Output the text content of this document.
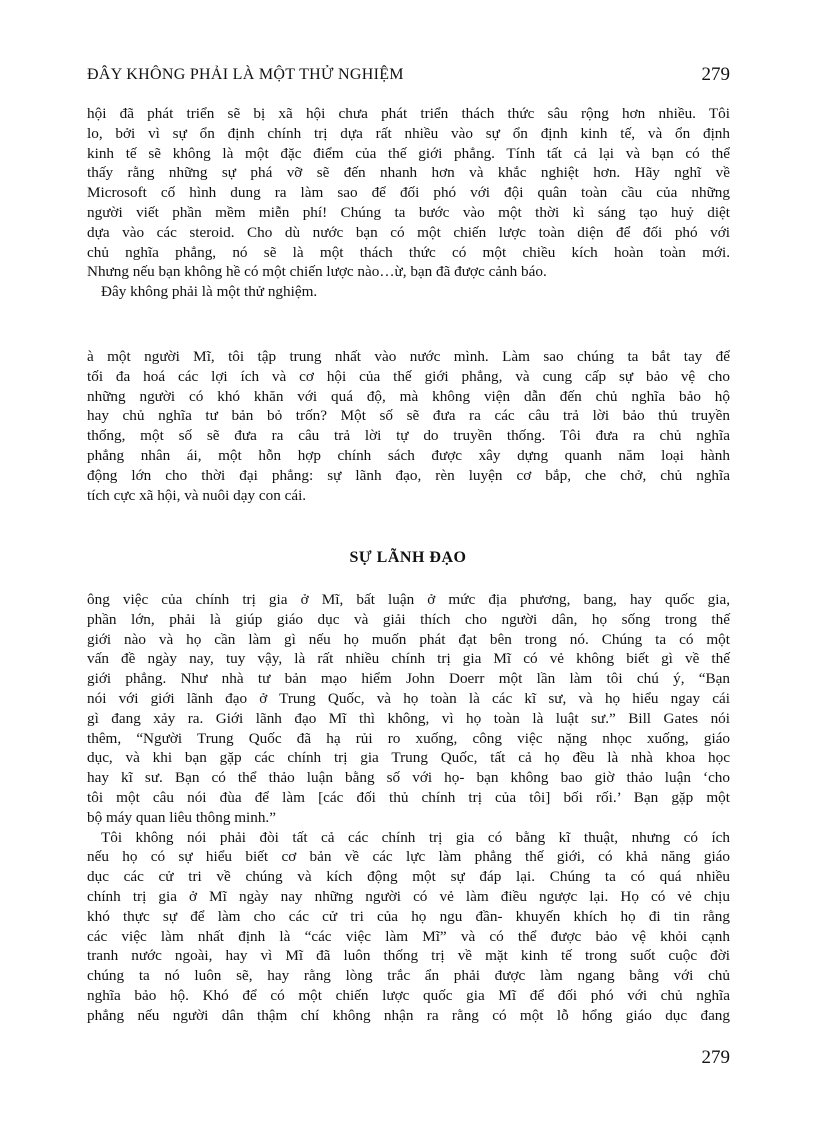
ĐÂY KHÔNG PHẢI LÀ MỘT THỬ NGHIỆM	279
hội đã phát triển sẽ bị xã hội chưa phát triển thách thức sâu rộng hơn nhiều. Tôi
lo, bởi vì sự ổn định chính trị dựa rất nhiều vào sự ổn định kinh tế, và ổn định
kinh tế sẽ không là một đặc điểm của thế giới phẳng. Tính tất cả lại và bạn có thể
thấy rằng những sự phá vỡ sẽ đến nhanh hơn và khắc nghiệt hơn. Hãy nghĩ về
Microsoft cố hình dung ra làm sao để đối phó với đội quân toàn cầu của những
người viết phần mềm miễn phí! Chúng ta bước vào một thời kì sáng tạo huỷ diệt
dựa vào các steroid. Cho dù nước bạn có một chiến lược toàn diện để đối phó với
chủ nghĩa phẳng, nó sẽ là một thách thức có một chiều kích hoàn toàn mới.
Nhưng nếu bạn không hề có một chiến lược nào…ừ, bạn đã được cảnh báo.
Đây không phải là một thử nghiệm.
à một người Mĩ, tôi tập trung nhất vào nước mình. Làm sao chúng ta bắt tay để
tối đa hoá các lợi ích và cơ hội của thế giới phẳng, và cung cấp sự bảo vệ cho
những người có khó khăn với quá độ, mà không viện dẫn đến chủ nghĩa bảo hộ
hay chủ nghĩa tư bản bỏ trốn? Một số sẽ đưa ra các câu trả lời bảo thủ truyền
thống, một số sẽ đưa ra câu trả lời tự do truyền thống. Tôi đưa ra chủ nghĩa
phẳng nhân ái, một hỗn hợp chính sách được xây dựng quanh năm loại hành
động lớn cho thời đại phẳng: sự lãnh đạo, rèn luyện cơ bắp, che chở, chủ nghĩa
tích cực xã hội, và nuôi dạy con cái.
SỰ LÃNH ĐẠO
ông việc của chính trị gia ở Mĩ, bất luận ở mức địa phương, bang, hay quốc gia,
phần lớn, phải là giúp giáo dục và giải thích cho người dân, họ sống trong thế
giới nào và họ cần làm gì nếu họ muốn phát đạt bên trong nó. Chúng ta có một
vấn đề ngày nay, tuy vậy, là rất nhiều chính trị gia Mĩ có vẻ không biết gì về thế
giới phẳng. Như nhà tư bản mạo hiểm John Doerr một lần làm tôi chú ý, “Bạn
nói với giới lãnh đạo ở Trung Quốc, và họ toàn là các kĩ sư, và họ hiểu ngay cái
gì đang xảy ra. Giới lãnh đạo Mĩ thì không, vì họ toàn là luật sư.” Bill Gates nói
thêm, “Người Trung Quốc đã hạ rủi ro xuống, công việc nặng nhọc xuống, giáo
dục, và khi bạn gặp các chính trị gia Trung Quốc, tất cả họ đều là nhà khoa học
hay kĩ sư. Bạn có thể thảo luận bằng số với họ- bạn không bao giờ thảo luận ‘cho
tôi một câu nói đùa để làm [các đối thủ chính trị của tôi] bối rối.’ Bạn gặp một
bộ máy quan liêu thông minh.”
Tôi không nói phải đòi tất cả các chính trị gia có bằng kĩ thuật, nhưng có ích
nếu họ có sự hiểu biết cơ bản về các lực làm phẳng thế giới, có khả năng giáo
dục các cử tri về chúng và kích động một sự đáp lại. Chúng ta có quá nhiều
chính trị gia ở Mĩ ngày nay những người có vẻ làm điều ngược lại. Họ có vẻ chịu
khó thực sự để làm cho các cử tri của họ ngu đần- khuyến khích họ đi tin rằng
các việc làm nhất định là “các việc làm Mĩ” và có thể được bảo vệ khỏi cạnh
tranh nước ngoài, hay vì Mĩ đã luôn thống trị về mặt kinh tế trong suốt cuộc đời
chúng ta nó luôn sẽ, hay rằng lòng trắc ẩn phải được làm ngang bằng với chủ
nghĩa bảo hộ. Khó để có một chiến lược quốc gia Mĩ để đối phó với chủ nghĩa
phẳng nếu người dân thậm chí không nhận ra rằng có một lỗ hổng giáo dục đang
279
